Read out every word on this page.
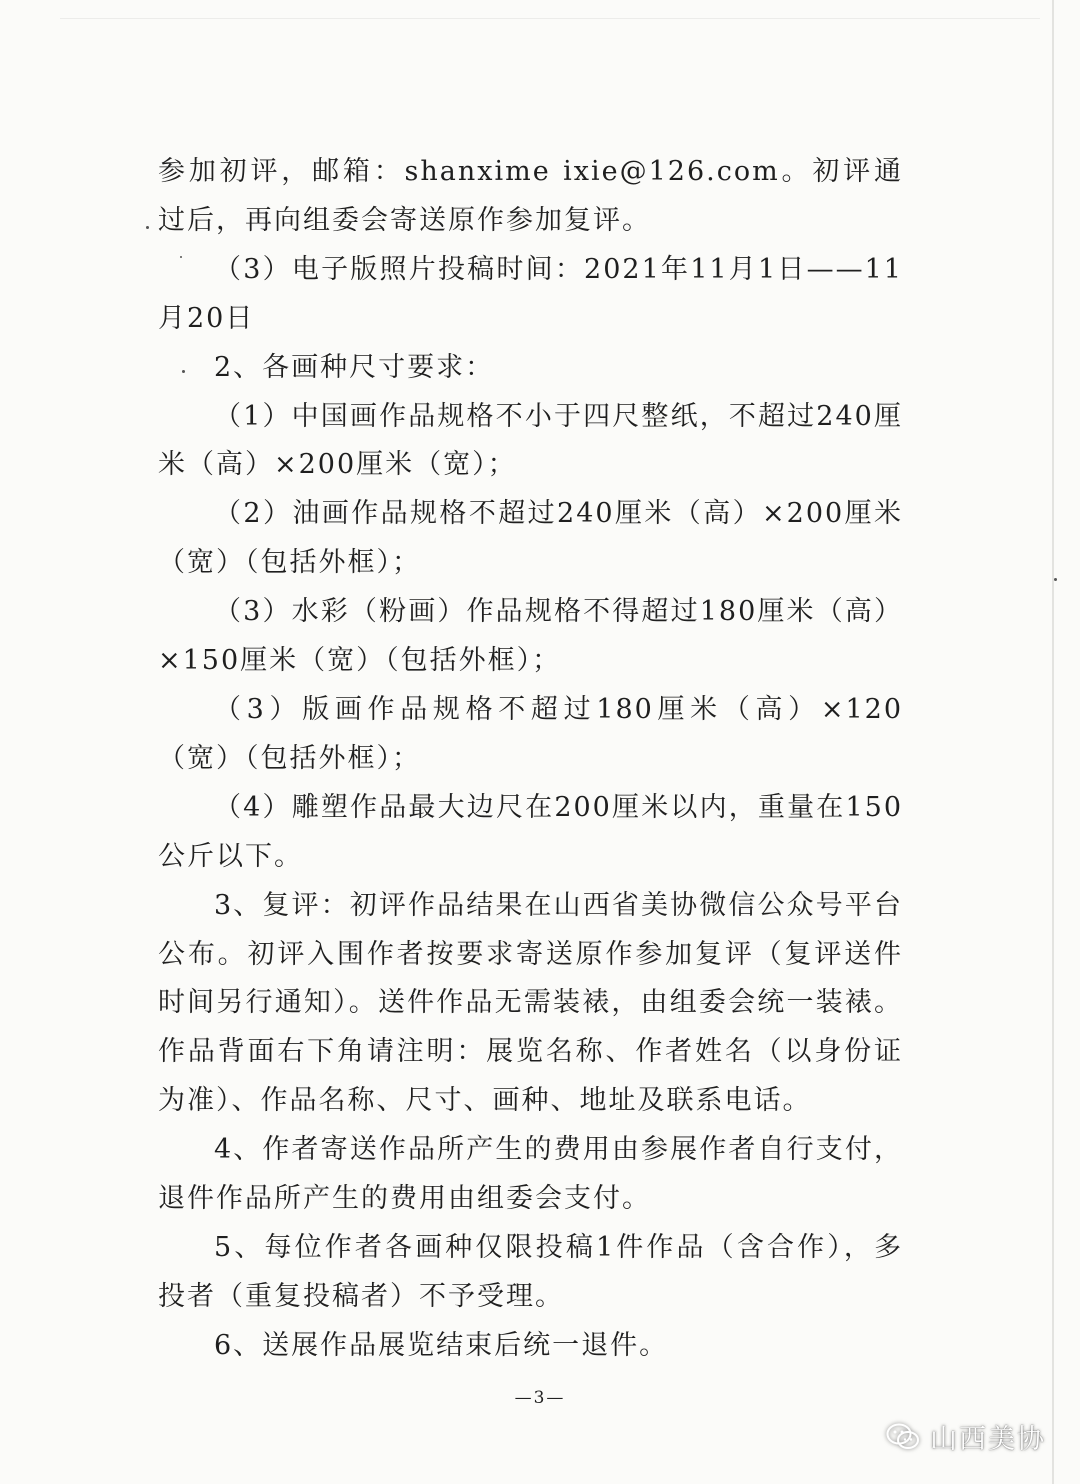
参加初评，邮箱：shanxime ixie@126.com。初评通过后，再向组委会寄送原作参加复评。

（3）电子版照片投稿时间：2021年11月1日——11月20日

2、各画种尺寸要求：

（1）中国画作品规格不小于四尺整纸，不超过240厘米（高）×200厘米（宽）；

（2）油画作品规格不超过240厘米（高）×200厘米（宽）（包括外框）；

（3）水彩（粉画）作品规格不得超过180厘米（高）×150厘米（宽）（包括外框）；

（3）版画作品规格不超过180厘米（高）×120（宽）（包括外框）；

（4）雕塑作品最大边尺在200厘米以内，重量在150公斤以下。

3、复评：初评作品结果在山西省美协微信公众号平台公布。初评入围作者按要求寄送原作参加复评（复评送件时间另行通知）。送件作品无需装裱，由组委会统一装裱。作品背面右下角请注明：展览名称、作者姓名（以身份证为准）、作品名称、尺寸、画种、地址及联系电话。

4、作者寄送作品所产生的费用由参展作者自行支付，退件作品所产生的费用由组委会支付。

5、每位作者各画种仅限投稿1件作品（含合作），多投者（重复投稿者）不予受理。

6、送展作品展览结束后统一退件。

—3—
山西美协
